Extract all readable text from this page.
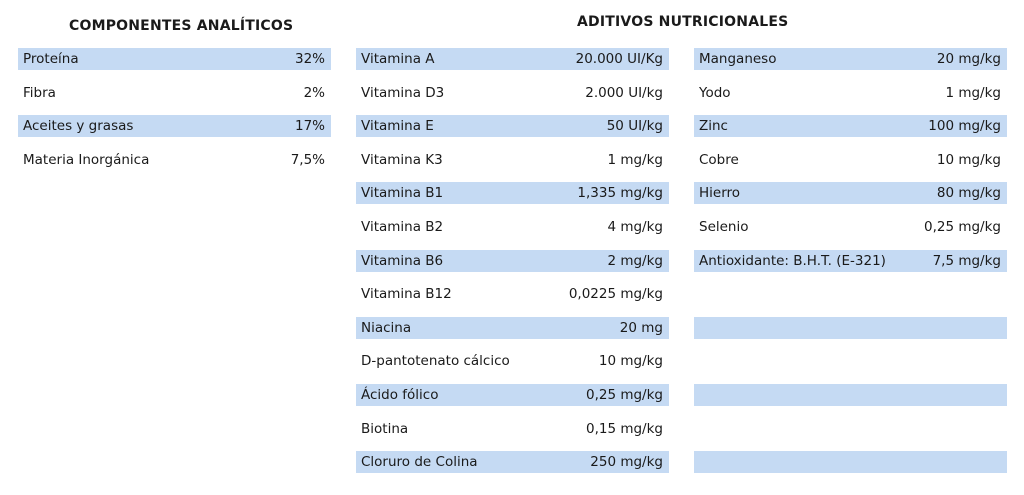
COMPONENTES ANALÍTICOS	ADITIVOS NUTRICIONALES
Proteína	32%
Fibra	2%
Aceites y grasas	17%
Materia Inorgánica	7,5%
Vitamina A	20.000 UI/Kg
Vitamina D3	2.000 UI/kg
Vitamina E	50 UI/kg
Vitamina K3	1 mg/kg
Vitamina B1	1,335 mg/kg
Vitamina B2	4 mg/kg
Vitamina B6	2 mg/kg
Vitamina B12	0,0225 mg/kg
Niacina	20 mg
D-pantotenato cálcico	10 mg/kg
Ácido fólico	0,25 mg/kg
Biotina	0,15 mg/kg
Cloruro de Colina	250 mg/kg
Manganeso	20 mg/kg
Yodo	1 mg/kg
Zinc	100 mg/kg
Cobre	10 mg/kg
Hierro	80 mg/kg
Selenio	0,25 mg/kg
Antioxidante: B.H.T. (E-321)	7,5 mg/kg
